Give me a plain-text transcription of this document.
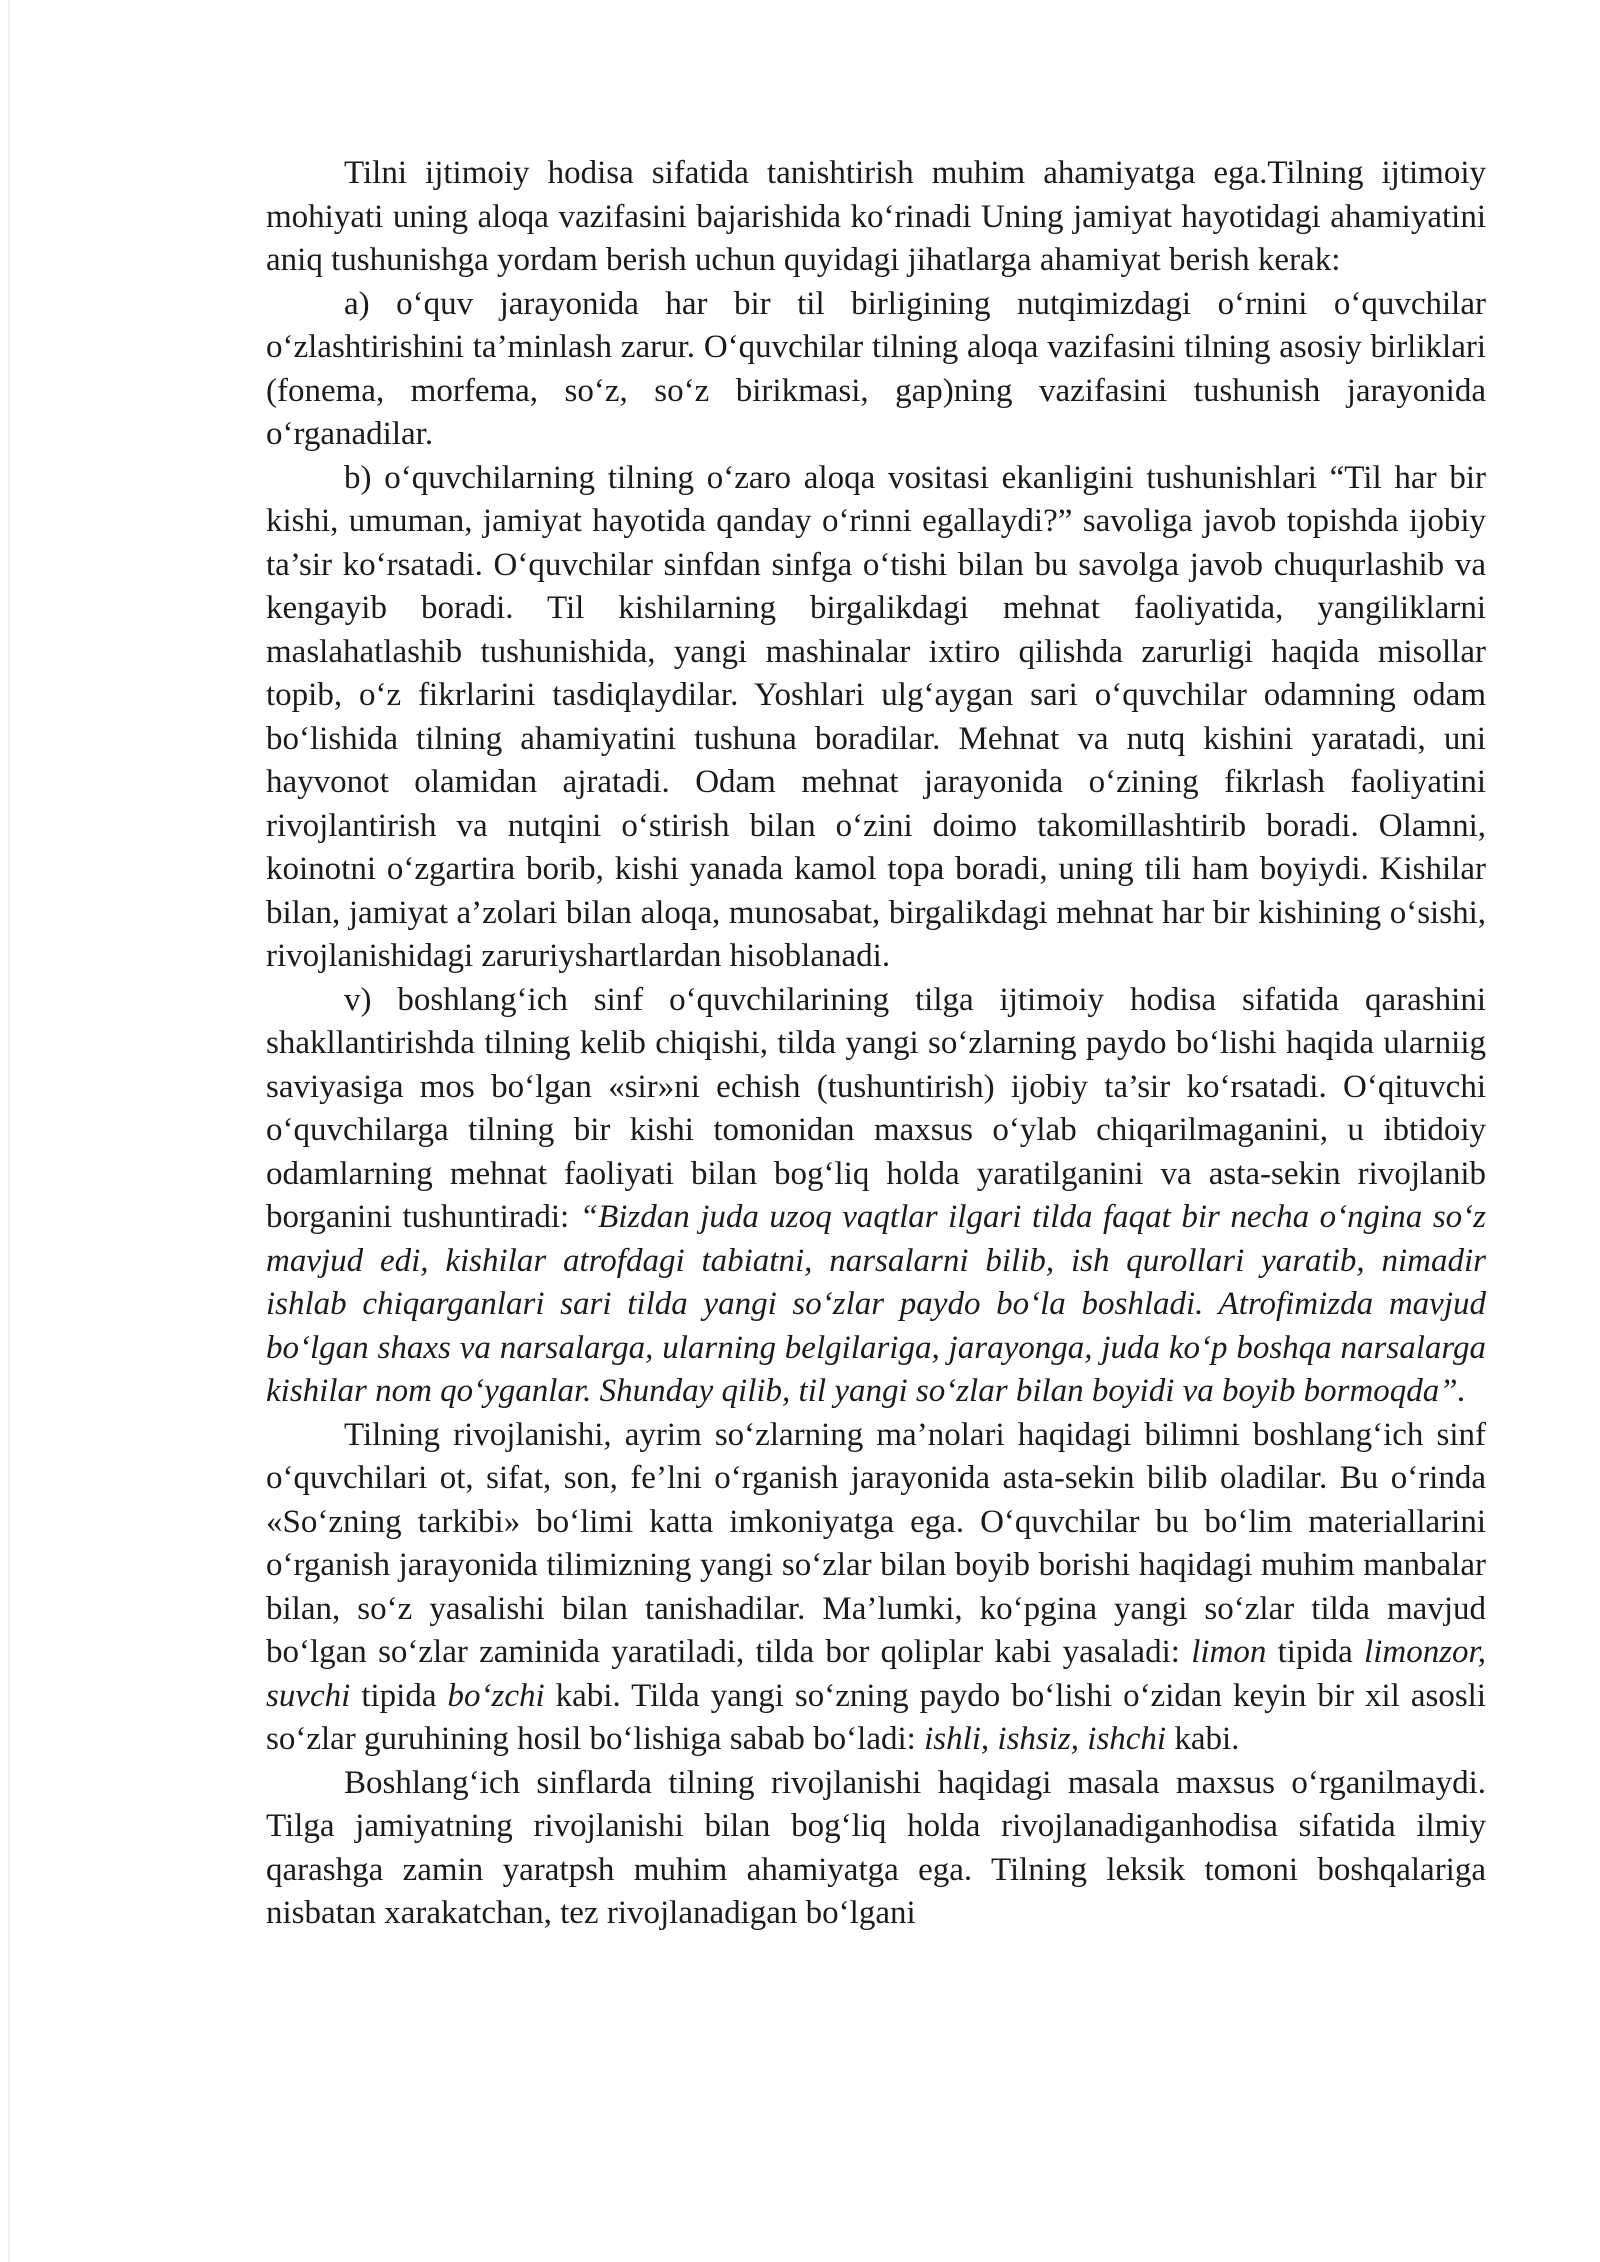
Tilni ijtimoiy hodisa sifatida tanishtirish muhim ahamiyatga ega.Tilning ijtimoiy mohiyati uning aloqa vazifasini bajarishida ko‘rinadi Uning jamiyat hayotidagi ahamiyatini aniq tushunishga yordam berish uchun quyidagi jihatlarga ahamiyat berish kerak:

a) o‘quv jarayonida har bir til birligining nutqimizdagi o‘rnini o‘quvchilar o‘zlashtirishini ta’minlash zarur. O‘quvchilar tilning aloqa vazifasini tilning asosiy birliklari (fonema, morfema, so‘z, so‘z birikmasi, gap)ning vazifasini tushunish jarayonida o‘rganadilar.

b) o‘quvchilarning tilning o‘zaro aloqa vositasi ekanligini tushunishlari “Til har bir kishi, umuman, jamiyat hayotida qanday o‘rinni egallaydi?” savoliga javob topishda ijobiy ta’sir ko‘rsatadi. O‘quvchilar sinfdan sinfga o‘tishi bilan bu savolga javob chuqurlashib va kengayib boradi. Til kishilarning birgalikdagi mehnat faoliyatida, yangiliklarni maslahatlashib tushunishida, yangi mashinalar ixtiro qilishda zarurligi haqida misollar topib, o‘z fikrlarini tasdiqlaydilar. Yoshlari ulg‘aygan sari o‘quvchilar odamning odam bo‘lishida tilning ahamiyatini tushuna boradilar. Mehnat va nutq kishini yaratadi, uni hayvonot olamidan ajratadi. Odam mehnat jarayonida o‘zining fikrlash faoliyatini rivojlantirish va nutqini o‘stirish bilan o‘zini doimo takomillashtirib boradi. Olamni, koinotni o‘zgartira borib, kishi yanada kamol topa boradi, uning tili ham boyiydi. Kishilar bilan, jamiyat a’zolari bilan aloqa, munosabat, birgalikdagi mehnat har bir kishining o‘sishi, rivojlanishidagi zaruriyshartlardan hisoblanadi.

v) boshlang‘ich sinf o‘quvchilarining tilga ijtimoiy hodisa sifatida qarashini shakllantirishda tilning kelib chiqishi, tilda yangi so‘zlarning paydo bo‘lishi haqida ularniig saviyasiga mos bo‘lgan «sir»ni echish (tushuntirish) ijobiy ta’sir ko‘rsatadi. O‘qituvchi o‘quvchilarga tilning bir kishi tomonidan maxsus o‘ylab chiqarilmaganini, u ibtidoiy odamlarning mehnat faoliyati bilan bog‘liq holda yaratilganini va asta-sekin rivojlanib borganini tushuntiradi: “Bizdan juda uzoq vaqtlar ilgari tilda faqat bir necha o‘ngina so‘z mavjud edi, kishilar atrofdagi tabiatni, narsalarni bilib, ish qurollari yaratib, nimadir ishlab chiqarganlari sari tilda yangi so‘zlar paydo bo‘la boshladi. Atrofimizda mavjud bo‘lgan shaxs va narsalarga, ularning belgilariga, jarayonga, juda ko‘p boshqa narsalarga kishilar nom qo‘yganlar. Shunday qilib, til yangi so‘zlar bilan boyidi va boyib bormoqda”.

Tilning rivojlanishi, ayrim so‘zlarning ma’nolari haqidagi bilimni boshlang‘ich sinf o‘quvchilari ot, sifat, son, fe’lni o‘rganish jarayonida asta-sekin bilib oladilar. Bu o‘rinda «So‘zning tarkibi» bo‘limi katta imkoniyatga ega. O‘quvchilar bu bo‘lim materiallarini o‘rganish jarayonida tilimizning yangi so‘zlar bilan boyib borishi haqidagi muhim manbalar bilan, so‘z yasalishi bilan tanishadilar. Ma’lumki, ko‘pgina yangi so‘zlar tilda mavjud bo‘lgan so‘zlar zaminida yaratiladi, tilda bor qoliplar kabi yasaladi: limon tipida limonzor, suvchi tipida bo‘zchi kabi. Tilda yangi so‘zning paydo bo‘lishi o‘zidan keyin bir xil asosli so‘zlar guruhining hosil bo‘lishiga sabab bo‘ladi: ishli, ishsiz, ishchi kabi.

Boshlang‘ich sinflarda tilning rivojlanishi haqidagi masala maxsus o‘rganilmaydi. Tilga jamiyatning rivojlanishi bilan bog‘liq holda rivojlanadiganhodisa sifatida ilmiy qarashga zamin yaratpsh muhim ahamiyatga ega. Tilning leksik tomoni boshqalariga nisbatan xarakatchan, tez rivojlanadigan bo‘lgani
